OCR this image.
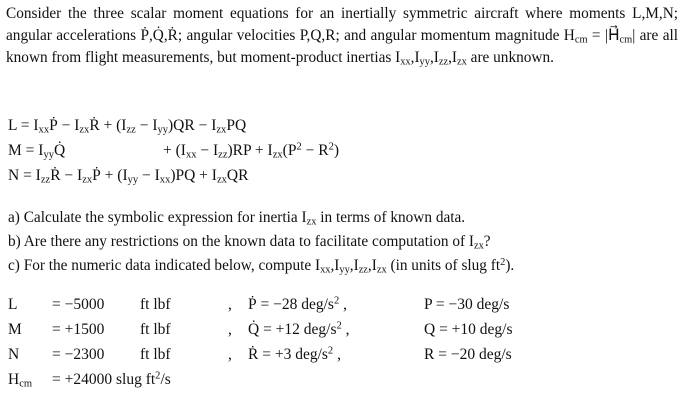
Consider the three scalar moment equations for an inertially symmetric aircraft where moments L,M,N; angular accelerations Ṗ,Q̇,Ṙ; angular velocities P,Q,R; and angular momentum magnitude $H_{cm}$ = $|H⃗_{cm}|$ are all known from flight measurements, but moment-product inertias $I_{xx},I_{yy},I_{zz},I_{zx}$ are unknown.
$L = I_{xx}Ṗ$ − $I_{zx}Ṙ + (I_{zz} - I_{yy})QR - I_{zx}PQ$
$M = I_{yy}Q̇$	+ $(I_{xx} - I_{zz})RP + I_{zx}(P^2 - R^2)$
$N = I_{zz}Ṙ$ − $I_{zx}Ṗ + (I_{yy} - I_{xx})PQ + I_{zx}QR$
a) Calculate the symbolic expression for inertia $I_{zx}$ in terms of known data.
b) Are there any restrictions on the known data to facilitate computation of $I_{zx}$?
c) For the numeric data indicated below, compute $I_{xx},I_{yy},I_{zz},I_{zx}$ (in units of slug $ft^2$).
L = −5000 ft lbf	, Ṗ = −28 deg/$s^2$ ,	P = −30 deg/s
M = +1500 ft lbf	, Q̇ = +12 deg/$s^2$ ,	Q = +10 deg/s
N = −2300 ft lbf	, Ṙ = +3 deg/$s^2$ ,	R = −20 deg/s
$H_{cm} = +24000$ slug $ft^2/s$
